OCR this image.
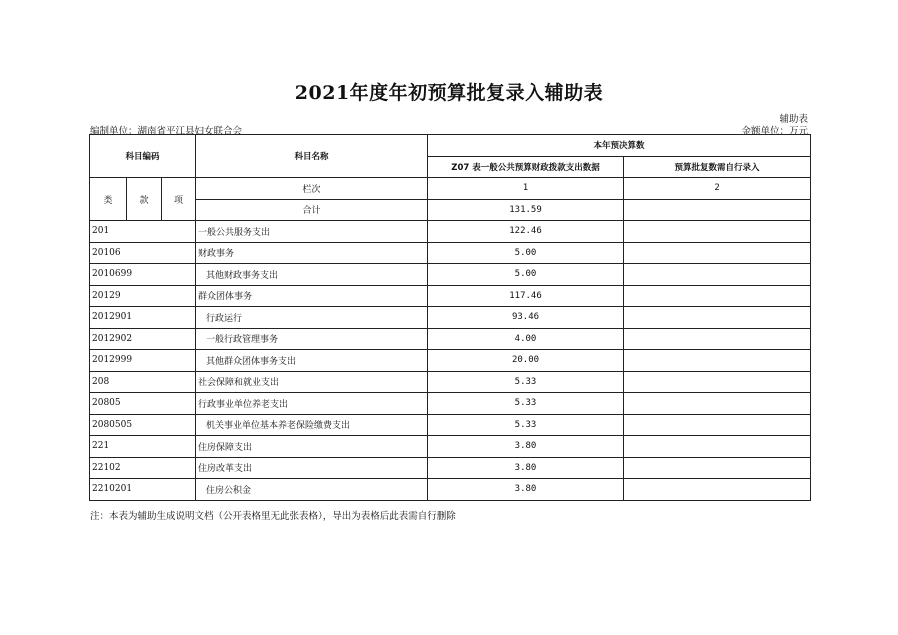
2021年度年初预算批复录入辅助表
辅助表
编制单位：湖南省平江县妇女联合会	金额单位：万元
科目编码			科目名称	本年预决算数	
				Z07 表一般公共预算财政拨款支出数据	预算批复数需自行录入
类	款	项	栏次	1	2
			合计	131.59	
201			一般公共服务支出	122.46	
20106			财政事务	5.00	
2010699			其他财政事务支出	5.00	
20129			群众团体事务	117.46	
2012901			行政运行	93.46	
2012902			一般行政管理事务	4.00	
2012999			其他群众团体事务支出	20.00	
208			社会保障和就业支出	5.33	
20805			行政事业单位养老支出	5.33	
2080505			机关事业单位基本养老保险缴费支出	5.33	
221			住房保障支出	3.80	
22102			住房改革支出	3.80	
2210201			住房公积金	3.80	
注：本表为辅助生成说明文档（公开表格里无此张表格），导出为表格后此表需自行删除
